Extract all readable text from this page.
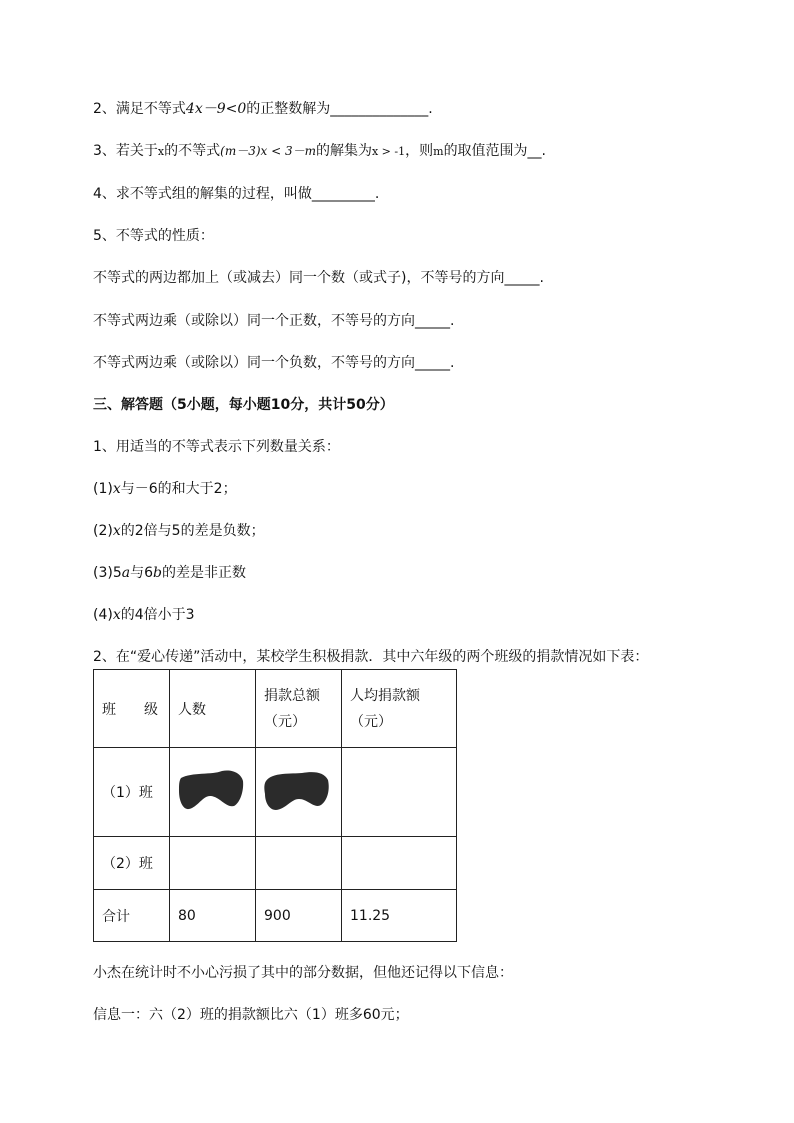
2、满足不等式4x－9<0的正整数解为______________.
3、若关于x的不等式(m－3)x < 3－m的解集为x > -1，则m的取值范围为__.
4、求不等式组的解集的过程，叫做_________.
5、不等式的性质：
不等式的两边都加上（或减去）同一个数（或式子)，不等号的方向_____.
不等式两边乘（或除以）同一个正数，不等号的方向_____.
不等式两边乘（或除以）同一个负数，不等号的方向_____.
三、解答题（5小题，每小题10分，共计50分）
1、用适当的不等式表示下列数量关系：
(1)x与－6的和大于2；
(2)x的2倍与5的差是负数；
(3)5a与6b的差是非正数
(4)x的4倍小于3
2、在“爱心传递”活动中，某校学生积极捐款．其中六年级的两个班级的捐款情况如下表：
班　　级	人数	捐款总额（元）	人均捐款额（元）
（1）班			
（2）班			
合计	80	900	11.25
小杰在统计时不小心污损了其中的部分数据，但他还记得以下信息：
信息一：六（2）班的捐款额比六（1）班多60元；
